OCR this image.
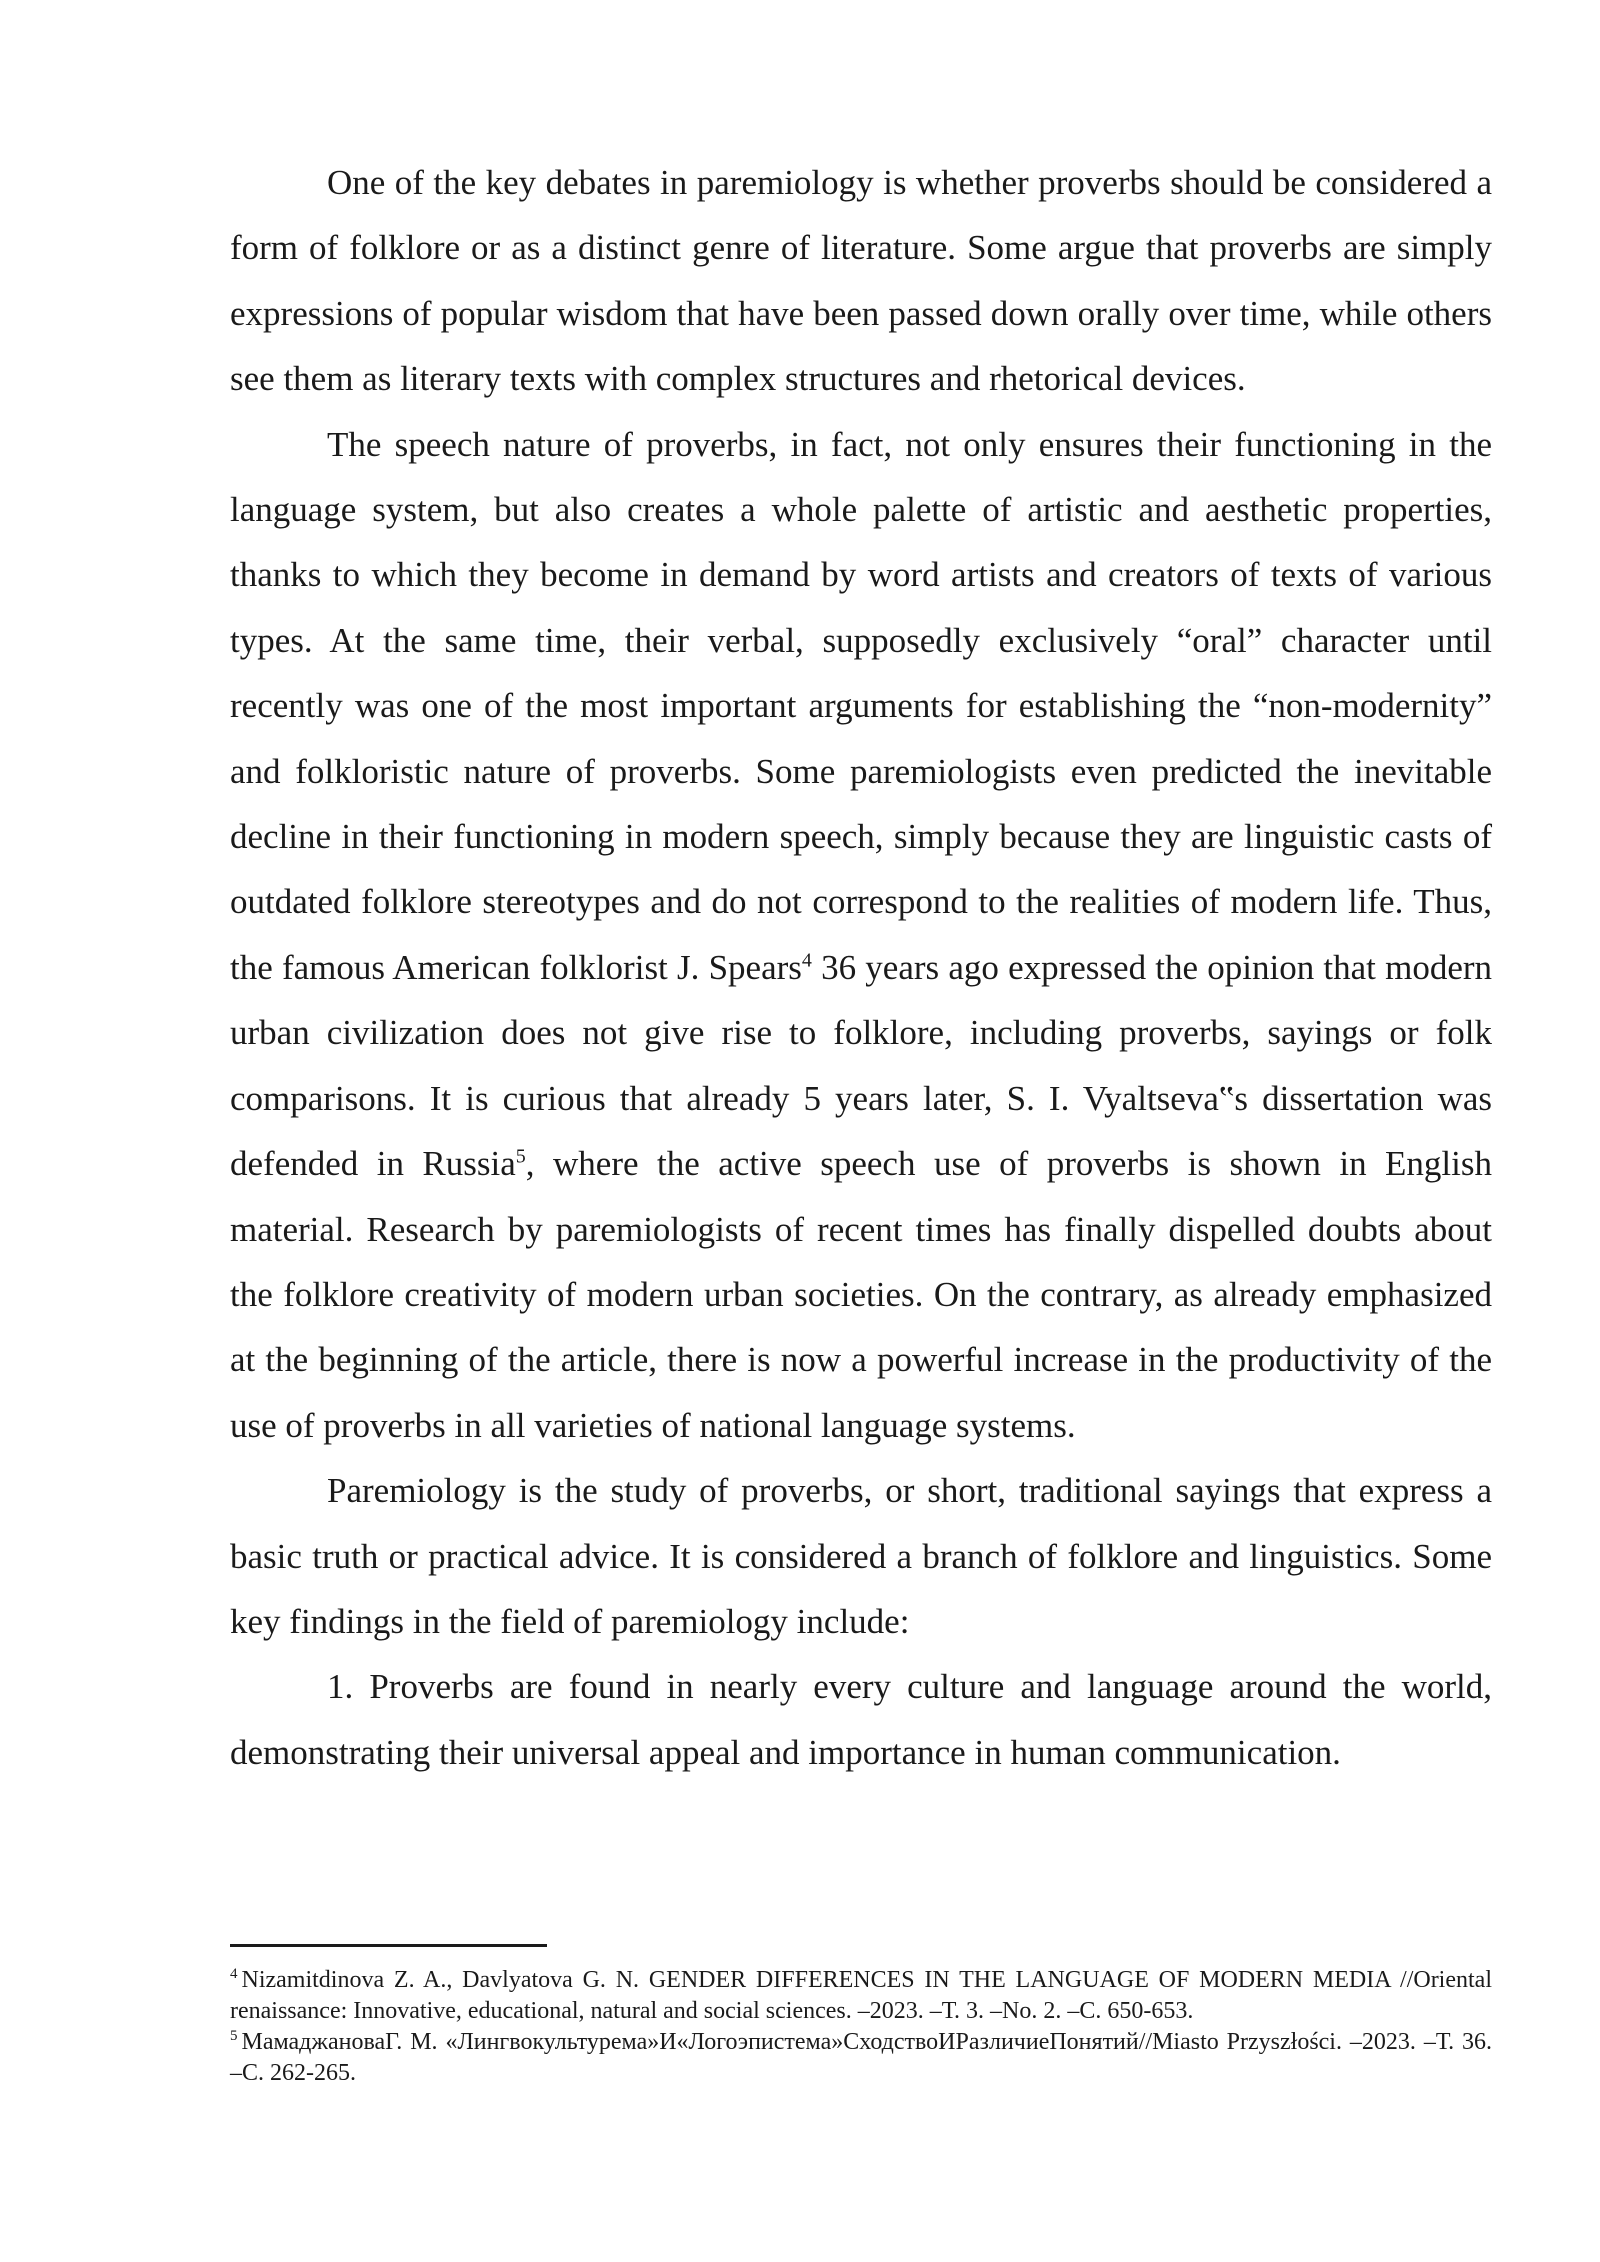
One of the key debates in paremiology is whether proverbs should be considered a form of folklore or as a distinct genre of literature. Some argue that proverbs are simply expressions of popular wisdom that have been passed down orally over time, while others see them as literary texts with complex structures and rhetorical devices.

The speech nature of proverbs, in fact, not only ensures their functioning in the language system, but also creates a whole palette of artistic and aesthetic properties, thanks to which they become in demand by word artists and creators of texts of various types. At the same time, their verbal, supposedly exclusively “oral” character until recently was one of the most important arguments for establishing the “non-modernity” and folkloristic nature of proverbs. Some paremiologists even predicted the inevitable decline in their functioning in modern speech, simply because they are linguistic casts of outdated folklore stereotypes and do not correspond to the realities of modern life. Thus, the famous American folklorist J. Spears$^4$ 36 years ago expressed the opinion that modern urban civilization does not give rise to folklore, including proverbs, sayings or folk comparisons. It is curious that already 5 years later, S. I. Vyaltseva‟s dissertation was defended in Russia$^5$, where the active speech use of proverbs is shown in English material. Research by paremiologists of recent times has finally dispelled doubts about the folklore creativity of modern urban societies. On the contrary, as already emphasized at the beginning of the article, there is now a powerful increase in the productivity of the use of proverbs in all varieties of national language systems.

Paremiology is the study of proverbs, or short, traditional sayings that express a basic truth or practical advice. It is considered a branch of folklore and linguistics. Some key findings in the field of paremiology include:

1. Proverbs are found in nearly every culture and language around the world, demonstrating their universal appeal and importance in human communication.

$^4$ Nizamitdinova Z. A., Davlyatova G. N. GENDER DIFFERENCES IN THE LANGUAGE OF MODERN MEDIA //Oriental renaissance: Innovative, educational, natural and social sciences. –2023. –Т. 3. –No. 2. –С. 650-653.

$^5$ МамаджановаГ. М. «Лингвокультурема»И«Логоэпистема»СходствоИРазличиеПонятий//Miasto Przyszłości. –2023. –Т. 36. –С. 262-265.
